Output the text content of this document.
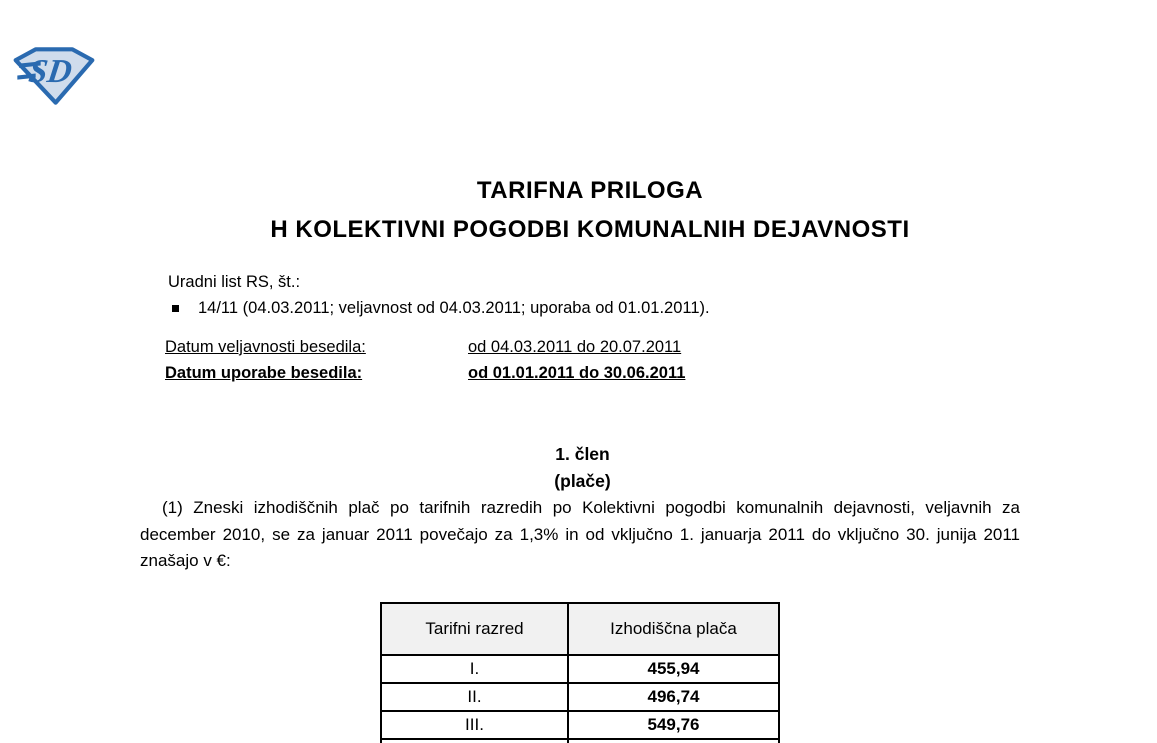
SD
TARIFNA PRILOGA
H KOLEKTIVNI POGODBI KOMUNALNIH DEJAVNOSTI
Uradni list RS, št.:
14/11 (04.03.2011; veljavnost od 04.03.2011; uporaba od 01.01.2011).
Datum veljavnosti besedila:	od 04.03.2011 do 20.07.2011
Datum uporabe besedila:	od 01.01.2011 do 30.06.2011
1. člen
(plače)

(1) Zneski izhodiščnih plač po tarifnih razredih po Kolektivni pogodbi komunalnih dejavnosti, veljavnih za december 2010, se za januar 2011 povečajo za 1,3% in od vključno 1. januarja 2011 do vključno 30. junija 2011 znašajo v €:

Tarifni razred	Izhodiščna plača
I.	455,94
II.	496,74
III.	549,76
